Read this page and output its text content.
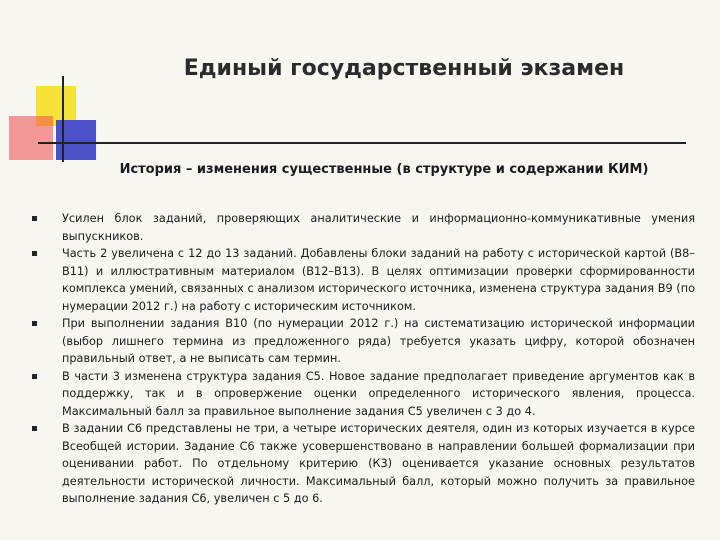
Единый государственный экзамен
История – изменения существенные (в структуре и содержании КИМ)
Усилен блок заданий, проверяющих аналитические и информационно-коммуникативные умения выпускников.
Часть 2 увеличена с 12 до 13 заданий. Добавлены блоки заданий на работу с исторической картой (В8–В11) и иллюстративным материалом (В12–В13). В целях оптимизации проверки сформированности комплекса умений, связанных с анализом исторического источника, изменена структура задания В9 (по нумерации 2012 г.) на работу с историческим источником.
При выполнении задания В10 (по нумерации 2012 г.) на систематизацию исторической информации (выбор лишнего термина из предложенного ряда) требуется указать цифру, которой обозначен правильный ответ, а не выписать сам термин.
В части 3 изменена структура задания С5. Новое задание предполагает приведение аргументов как в поддержку, так и в опровержение оценки определенного исторического явления, процесса. Максимальный балл за правильное выполнение задания С5 увеличен с 3 до 4.
В задании С6 представлены не три, а четыре исторических деятеля, один из которых изучается в курсе Всеобщей истории. Задание С6 также усовершенствовано в направлении большей формализации при оценивании работ. По отдельному критерию (К3) оценивается указание основных результатов деятельности исторической личности. Максимальный балл, который можно получить за правильное выполнение задания С6, увеличен с 5 до 6.
